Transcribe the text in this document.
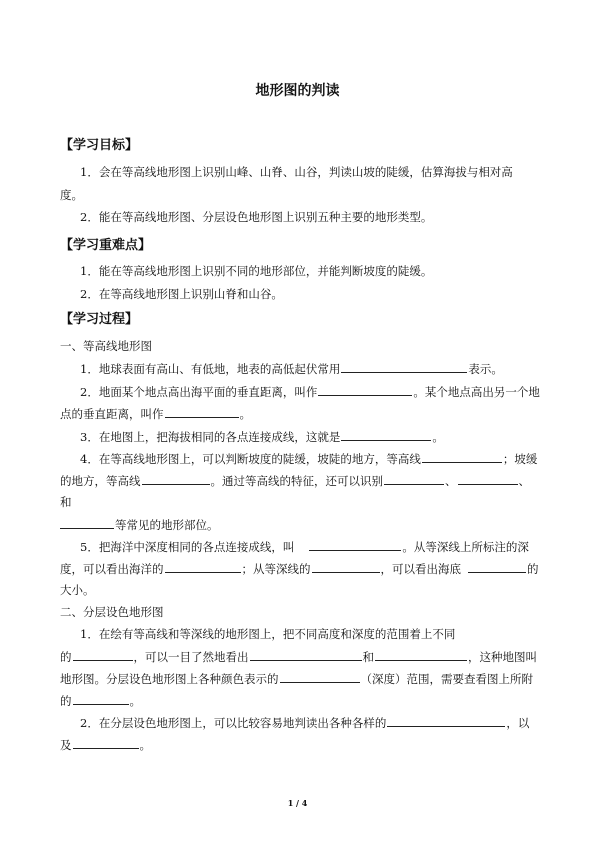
地形图的判读
【学习目标】
1．会在等高线地形图上识别山峰、山脊、山谷，判读山坡的陡缓，估算海拔与相对高
度。
2．能在等高线地形图、分层设色地形图上识别五种主要的地形类型。
【学习重难点】
1．能在等高线地形图上识别不同的地形部位，并能判断坡度的陡缓。
2．在等高线地形图上识别山脊和山谷。
【学习过程】
一、等高线地形图
1．地球表面有高山、有低地，地表的高低起伏常用	表示。
2．地面某个地点高出海平面的垂直距离，叫作	。某个地点高出另一个地
点的垂直距离，叫作	。
3．在地图上，把海拔相同的各点连接成线，这就是	。
4．在等高线地形图上，可以判断坡度的陡缓，坡陡的地方，等高线	；坡缓
的地方，等高线	。通过等高线的特征，还可以识别	、	、
和
等常见的地形部位。
5．把海洋中深度相同的各点连接成线，叫	。从等深线上所标注的深
度，可以看出海洋的	；从等深线的	，可以看出海底	的
大小。
二、分层设色地形图
1．在绘有等高线和等深线的地形图上，把不同高度和深度的范围着上不同
的	，可以一目了然地看出	和	，这种地图叫
地形图。分层设色地形图上各种颜色表示的	（深度）范围，需要查看图上所附
的	。
2．在分层设色地形图上，可以比较容易地判读出各种各样的	，以
及	。
1 / 4
